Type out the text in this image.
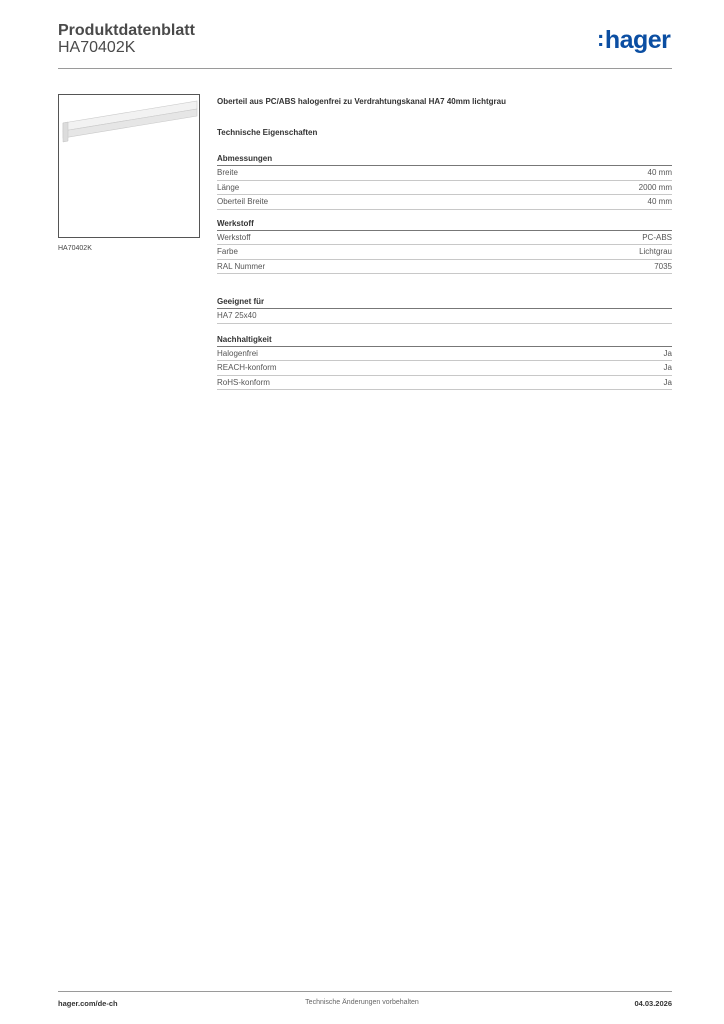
Produktdatenblatt
HA70402K	:hager
HA70402K
Oberteil aus PC/ABS halogenfrei zu Verdrahtungskanal HA7 40mm lichtgrau
Technische Eigenschaften
Abmessungen
Breite	40 mm
Länge	2000 mm
Oberteil Breite	40 mm
Werkstoff
Werkstoff	PC-ABS
Farbe	Lichtgrau
RAL Nummer	7035
Geeignet für
HA7 25x40
Nachhaltigkeit
Halogenfrei	Ja
REACH-konform	Ja
RoHS-konform	Ja
hager.com/de-ch	Technische Änderungen vorbehalten	04.03.2026
